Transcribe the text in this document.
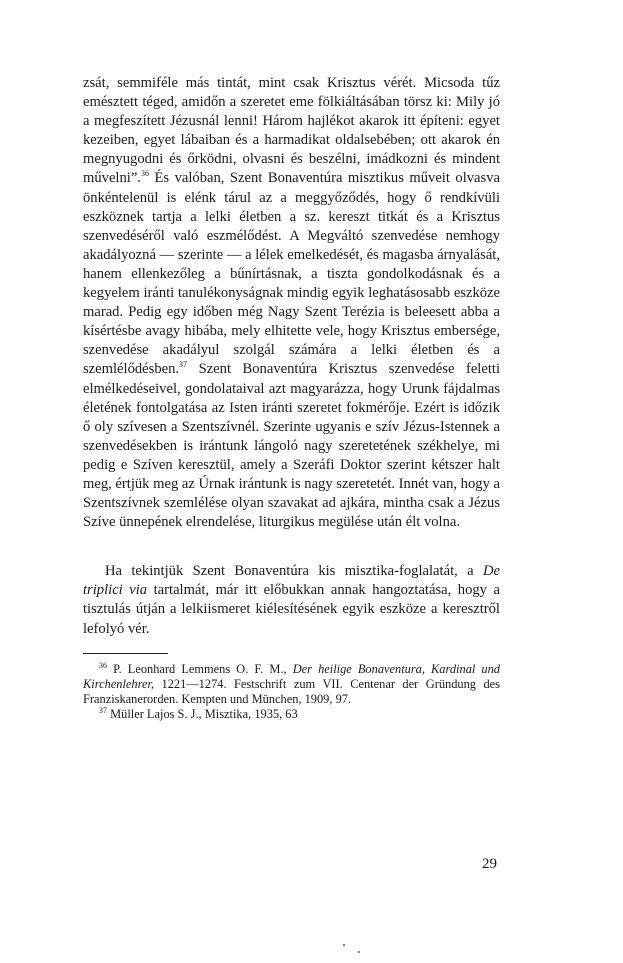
zsát, semmiféle más tintát, mint csak Krisztus vérét. Micsoda tűz emésztett téged, amidőn a szeretet eme fölkiáltásában törsz ki: Mily jó a megfeszített Jézusnál lenni! Három hajlékot akarok itt építeni: egyet kezeiben, egyet lábaiban és a harmadikat oldalsebében; ott akarok én megnyugodni és őrködni, olvasni és beszélni, imádkozni és mindent művelni”.$^{36}$ És valóban, Szent Bonaventúra misztikus műveit olvasva önkéntelenül is elénk tárul az a meggyőződés, hogy ő rendkívüli eszköznek tartja a lelki életben a sz. kereszt titkát és a Krisztus szenvedéséről való eszmélődést. A Megváltó szenvedése nemhogy akadályozná — szerinte — a lélek emelkedését, és magasba árnyalását, hanem ellenkezőleg a bűnírtásnak, a tiszta gondolkodásnak és a kegyelem iránti tanulékonyságnak mindig egyik leghatásosabb eszköze marad. Pedig egy időben még Nagy Szent Terézia is beleesett abba a kísértésbe avagy hibába, mely elhitette vele, hogy Krisztus embersége, szenvedése akadályul szolgál számára a lelki életben és a szemlélődésben.$^{37}$ Szent Bonaventúra Krisztus szenvedése feletti elmélkedéseivel, gondolataival azt magyarázza, hogy Urunk fájdalmas életének fontolgatása az Isten iránti szeretet fokmérője. Ezért is időzik ő oly szívesen a Szentszívnél. Szerinte ugyanis e szív Jézus-Istennek a szenvedésekben is irántunk lángoló nagy szeretetének székhelye, mi pedig e Szíven keresztül, amely a Szeráfi Doktor szerint kétszer halt meg, értjük meg az Úrnak irántunk is nagy szeretetét. Innét van, hogy a Szentszívnek szemlélése olyan szavakat ad ajkára, mintha csak a Jézus Szíve ünnepének elrendelése, liturgikus megülése után élt volna.

Ha tekintjük Szent Bonaventúra kis misztika-foglalatát, a De triplici via tartalmát, már itt előbukkan annak hangoztatása, hogy a tisztulás útján a lelkiismeret kiélesítésének egyik eszköze a keresztről lefolyó vér.

$^{36}$ P. Leonhard Lemmens O. F. M., Der heilige Bonaventura, Kardinal und Kirchenlehrer, 1221—1274. Festschrift zum VII. Centenar der Gründung des Franziskanerorden. Kempten und München, 1909, 97.

$^{37}$ Müller Lajos S. J., Misztika, 1935, 63

29
